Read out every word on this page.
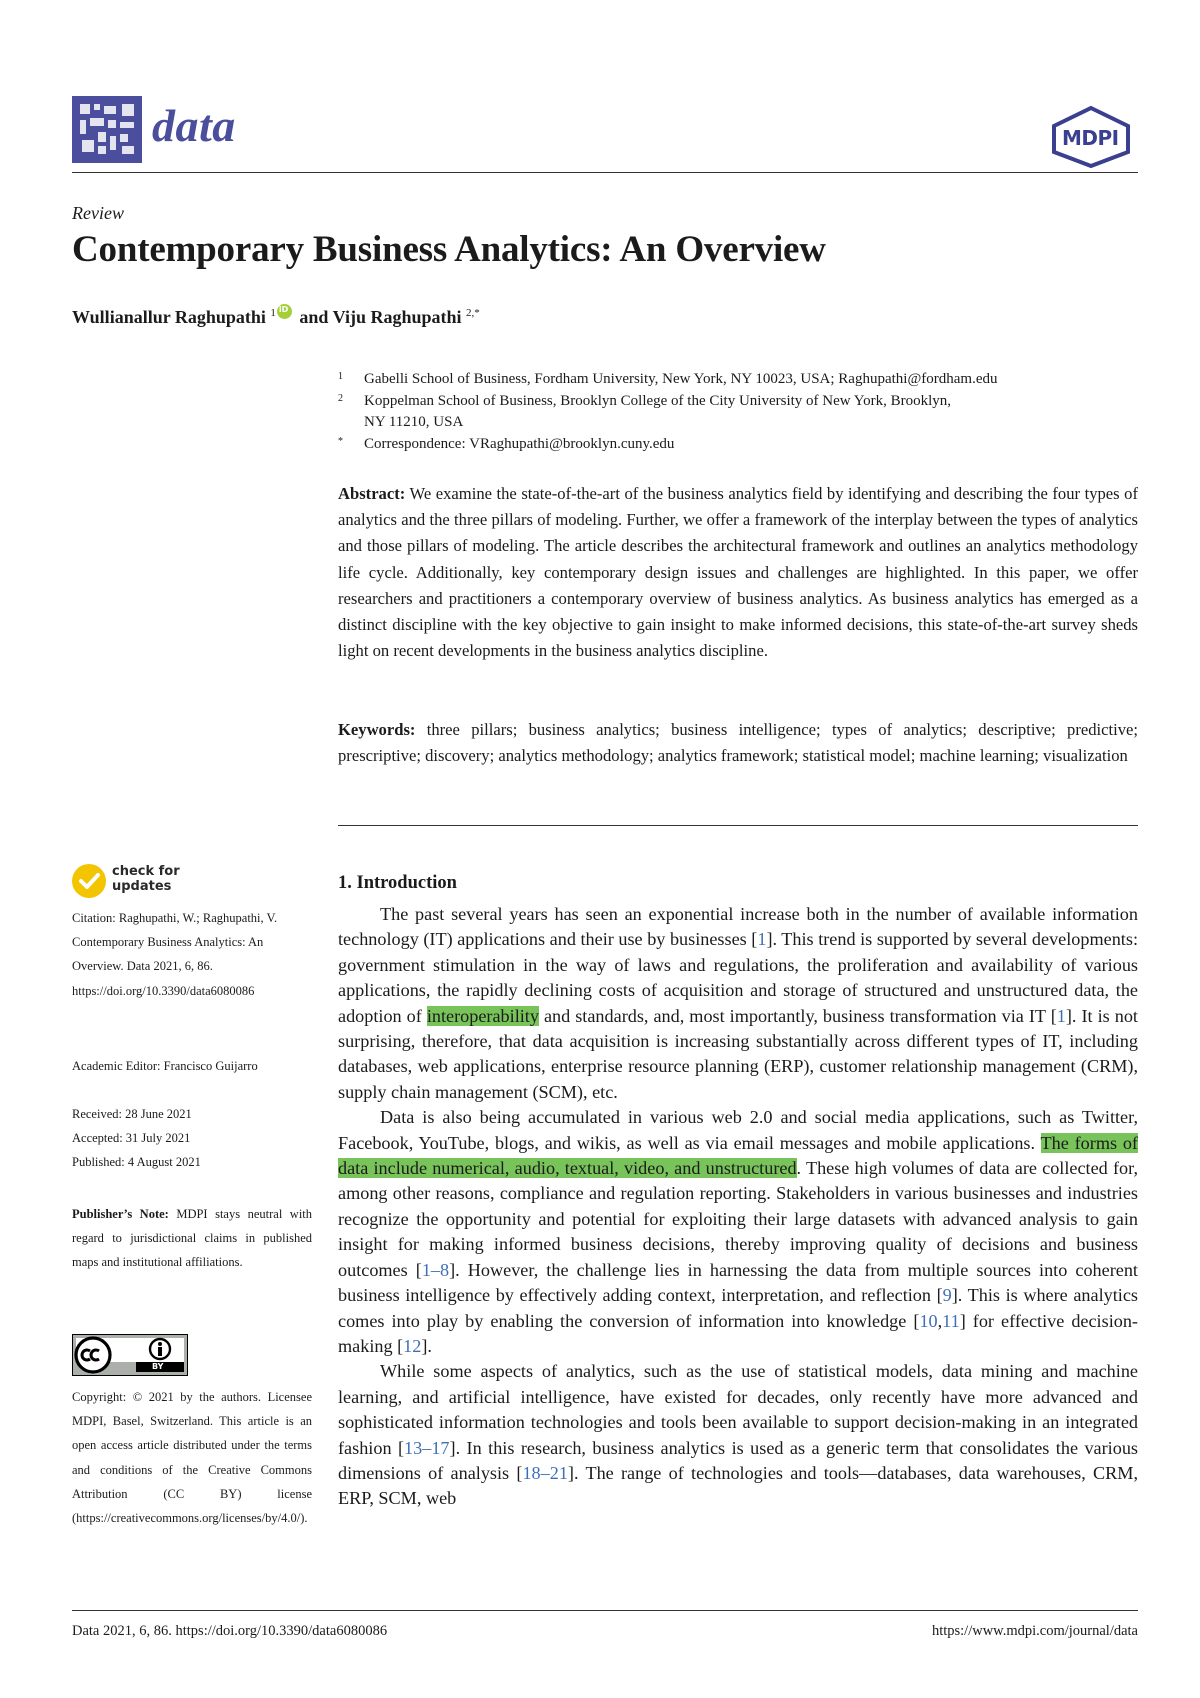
data	MDPI
Review
Contemporary Business Analytics: An Overview
Wullianallur Raghupathi $^1$iD and Viju Raghupathi $^{2,*}$
1	Gabelli School of Business, Fordham University, New York, NY 10023, USA; Raghupathi@fordham.edu
2	Koppelman School of Business, Brooklyn College of the City University of New York, Brooklyn, NY 11210, USA
*	Correspondence: VRaghupathi@brooklyn.cuny.edu
Abstract: We examine the state-of-the-art of the business analytics field by identifying and describing the four types of analytics and the three pillars of modeling. Further, we offer a framework of the interplay between the types of analytics and those pillars of modeling. The article describes the architectural framework and outlines an analytics methodology life cycle. Additionally, key contemporary design issues and challenges are highlighted. In this paper, we offer researchers and practitioners a contemporary overview of business analytics. As business analytics has emerged as a distinct discipline with the key objective to gain insight to make informed decisions, this state-of-the-art survey sheds light on recent developments in the business analytics discipline.
Keywords: three pillars; business analytics; business intelligence; types of analytics; descriptive; predictive; prescriptive; discovery; analytics methodology; analytics framework; statistical model; machine learning; visualization
check for
updates
Citation: Raghupathi, W.; Raghupathi, V. Contemporary Business Analytics: An Overview. Data 2021, 6, 86. https://doi.org/10.3390/data6080086
Academic Editor: Francisco Guijarro
Received: 28 June 2021
Accepted: 31 July 2021
Published: 4 August 2021
Publisher’s Note: MDPI stays neutral with regard to jurisdictional claims in published maps and institutional affiliations.
BY
Copyright: © 2021 by the authors. Licensee MDPI, Basel, Switzerland. This article is an open access article distributed under the terms and conditions of the Creative Commons Attribution (CC BY) license (https://creativecommons.org/licenses/by/4.0/).
1. Introduction

The past several years has seen an exponential increase both in the number of available information technology (IT) applications and their use by businesses [1]. This trend is supported by several developments: government stimulation in the way of laws and regulations, the proliferation and availability of various applications, the rapidly declining costs of acquisition and storage of structured and unstructured data, the adoption of interoperability and standards, and, most importantly, business transformation via IT [1]. It is not surprising, therefore, that data acquisition is increasing substantially across different types of IT, including databases, web applications, enterprise resource planning (ERP), customer relationship management (CRM), supply chain management (SCM), etc.

Data is also being accumulated in various web 2.0 and social media applications, such as Twitter, Facebook, YouTube, blogs, and wikis, as well as via email messages and mobile applications. The forms of data include numerical, audio, textual, video, and unstructured. These high volumes of data are collected for, among other reasons, compliance and regulation reporting. Stakeholders in various businesses and industries recognize the opportunity and potential for exploiting their large datasets with advanced analysis to gain insight for making informed business decisions, thereby improving quality of decisions and business outcomes [1–8]. However, the challenge lies in harnessing the data from multiple sources into coherent business intelligence by effectively adding context, interpretation, and reflection [9]. This is where analytics comes into play by enabling the conversion of information into knowledge [10,11] for effective decision-making [12].

While some aspects of analytics, such as the use of statistical models, data mining and machine learning, and artificial intelligence, have existed for decades, only recently have more advanced and sophisticated information technologies and tools been available to support decision-making in an integrated fashion [13–17]. In this research, business analytics is used as a generic term that consolidates the various dimensions of analysis [18–21]. The range of technologies and tools—databases, data warehouses, CRM, ERP, SCM, web

Data 2021, 6, 86. https://doi.org/10.3390/data6080086	https://www.mdpi.com/journal/data
